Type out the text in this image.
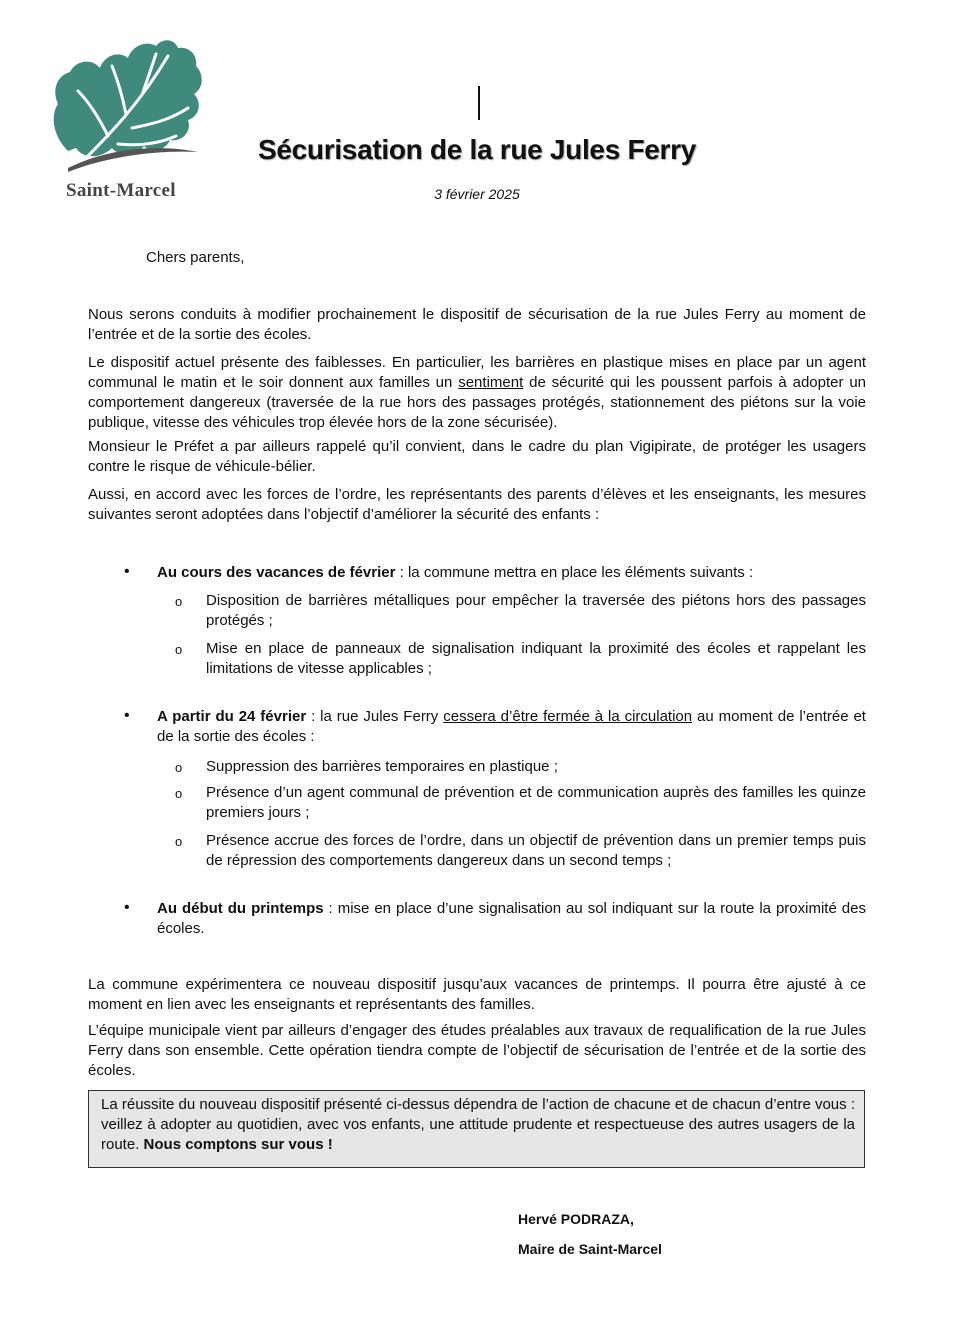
Saint-Marcel
Sécurisation de la rue Jules Ferry
3 février 2025
Chers parents,

Nous serons conduits à modifier prochainement le dispositif de sécurisation de la rue Jules Ferry au moment de l’entrée et de la sortie des écoles.

Le dispositif actuel présente des faiblesses. En particulier, les barrières en plastique mises en place par un agent communal le matin et le soir donnent aux familles un sentiment de sécurité qui les poussent parfois à adopter un comportement dangereux (traversée de la rue hors des passages protégés, stationnement des piétons sur la voie publique, vitesse des véhicules trop élevée hors de la zone sécurisée).

Monsieur le Préfet a par ailleurs rappelé qu’il convient, dans le cadre du plan Vigipirate, de protéger les usagers contre le risque de véhicule-bélier.

Aussi, en accord avec les forces de l’ordre, les représentants des parents d’élèves et les enseignants, les mesures suivantes seront adoptées dans l’objectif d’améliorer la sécurité des enfants :

• Au cours des vacances de février : la commune mettra en place les éléments suivants :

o Disposition de barrières métalliques pour empêcher la traversée des piétons hors des passages protégés ;

o Mise en place de panneaux de signalisation indiquant la proximité des écoles et rappelant les limitations de vitesse applicables ;

• A partir du 24 février : la rue Jules Ferry cessera d’être fermée à la circulation au moment de l’entrée et de la sortie des écoles :

o Suppression des barrières temporaires en plastique ;

o Présence d’un agent communal de prévention et de communication auprès des familles les quinze premiers jours ;

o Présence accrue des forces de l’ordre, dans un objectif de prévention dans un premier temps puis de répression des comportements dangereux dans un second temps ;

• Au début du printemps : mise en place d’une signalisation au sol indiquant sur la route la proximité des écoles.

La commune expérimentera ce nouveau dispositif jusqu’aux vacances de printemps. Il pourra être ajusté à ce moment en lien avec les enseignants et représentants des familles.

L’équipe municipale vient par ailleurs d’engager des études préalables aux travaux de requalification de la rue Jules Ferry dans son ensemble. Cette opération tiendra compte de l’objectif de sécurisation de l’entrée et de la sortie des écoles.

La réussite du nouveau dispositif présenté ci-dessus dépendra de l’action de chacune et de chacun d’entre vous : veillez à adopter au quotidien, avec vos enfants, une attitude prudente et respectueuse des autres usagers de la route. Nous comptons sur vous !

Hervé PODRAZA,
Maire de Saint-Marcel
